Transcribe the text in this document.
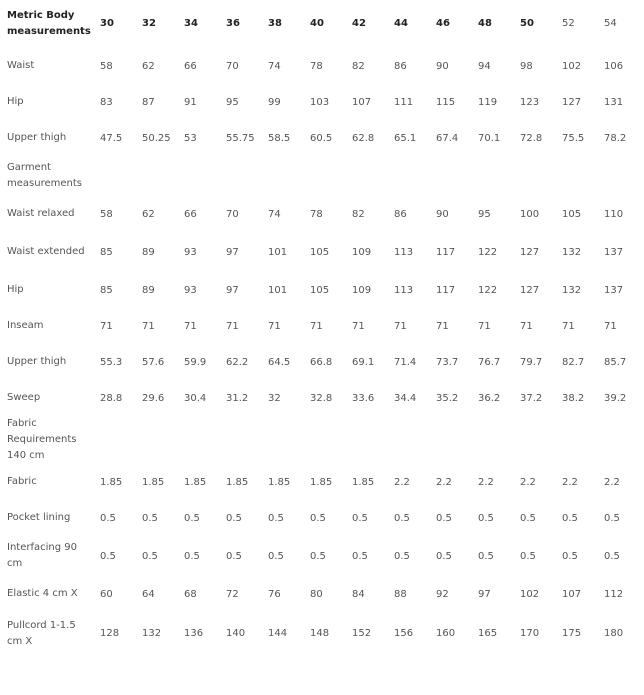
Metric Body measurements	30	32	34	36	38	40	42	44	46	48	50	52	54
Waist	58	62	66	70	74	78	82	86	90	94	98	102	106
Hip	83	87	91	95	99	103	107	111	115	119	123	127	131
Upper thigh	47.5	50.25	53	55.75	58.5	60.5	62.8	65.1	67.4	70.1	72.8	75.5	78.2
Garment measurements													
Waist relaxed	58	62	66	70	74	78	82	86	90	95	100	105	110
Waist extended	85	89	93	97	101	105	109	113	117	122	127	132	137
Hip	85	89	93	97	101	105	109	113	117	122	127	132	137
Inseam	71	71	71	71	71	71	71	71	71	71	71	71	71
Upper thigh	55.3	57.6	59.9	62.2	64.5	66.8	69.1	71.4	73.7	76.7	79.7	82.7	85.7
Sweep	28.8	29.6	30.4	31.2	32	32.8	33.6	34.4	35.2	36.2	37.2	38.2	39.2
Fabric Requirements 140 cm													
Fabric	1.85	1.85	1.85	1.85	1.85	1.85	1.85	2.2	2.2	2.2	2.2	2.2	2.2
Pocket lining	0.5	0.5	0.5	0.5	0.5	0.5	0.5	0.5	0.5	0.5	0.5	0.5	0.5
Interfacing 90 cm	0.5	0.5	0.5	0.5	0.5	0.5	0.5	0.5	0.5	0.5	0.5	0.5	0.5
Elastic 4 cm X	60	64	68	72	76	80	84	88	92	97	102	107	112
Pullcord 1-1.5 cm X	128	132	136	140	144	148	152	156	160	165	170	175	180
